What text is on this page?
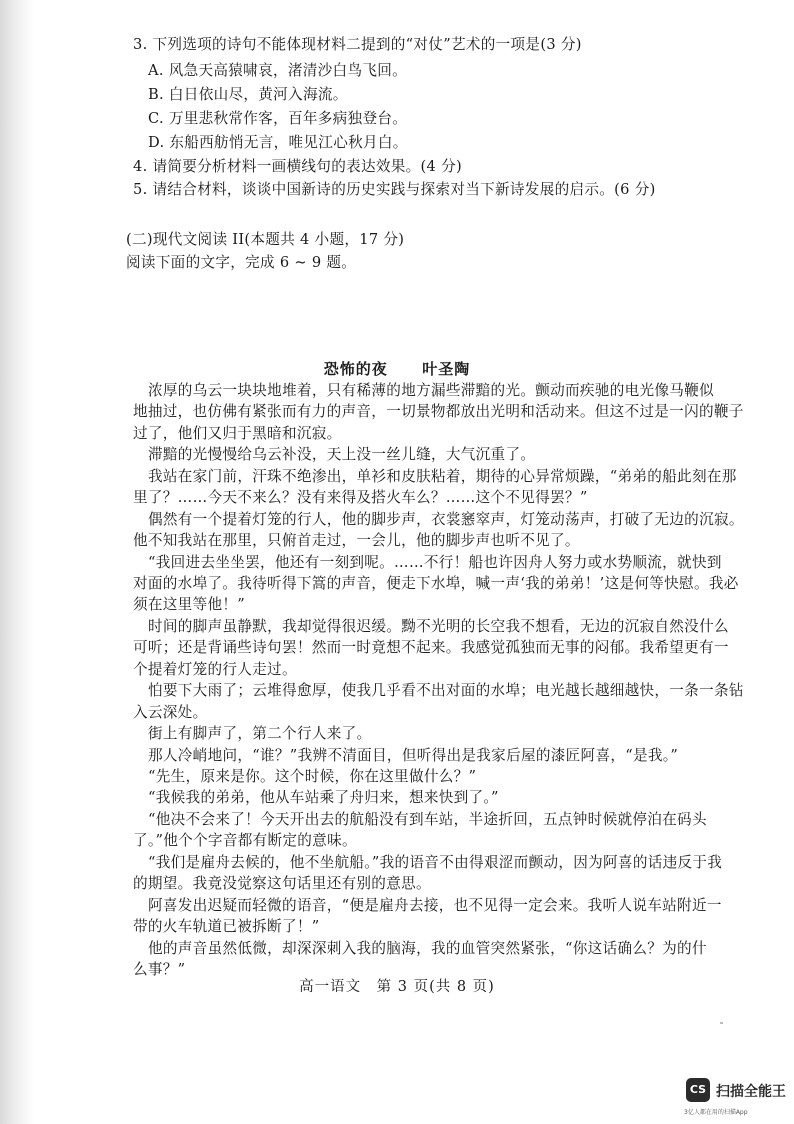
3. 下列选项的诗句不能体现材料二提到的“对仗”艺术的一项是(3 分)
A. 风急天高猿啸哀，渚清沙白鸟飞回。
B. 白日依山尽，黄河入海流。
C. 万里悲秋常作客，百年多病独登台。
D. 东船西舫悄无言，唯见江心秋月白。
4. 请简要分析材料一画横线句的表达效果。(4 分)
5. 请结合材料，谈谈中国新诗的历史实践与探索对当下新诗发展的启示。(6 分)
(二)现代文阅读 II(本题共 4 小题，17 分)
阅读下面的文字，完成 6 ~ 9 题。
恐怖的夜 叶圣陶
高一语文　第 3 页(共 8 页)
CS 扫描全能王
3亿人都在用的扫描App
浓厚的乌云一块块地堆着，只有稀薄的地方漏些滞黯的光。颤动而疾驰的电光像马鞭似
地抽过，也仿佛有紧张而有力的声音，一切景物都放出光明和活动来。但这不过是一闪的鞭子
过了，他们又归于黑暗和沉寂。
滞黯的光慢慢给乌云补没，天上没一丝儿缝，大气沉重了。
我站在家门前，汗珠不绝渗出，单衫和皮肤粘着，期待的心异常烦躁，“弟弟的船此刻在那
里了？……今天不来么？没有来得及搭火车么？……这个不见得罢？”
偶然有一个提着灯笼的行人，他的脚步声，衣裳窸窣声，灯笼动荡声，打破了无边的沉寂。
他不知我站在那里，只俯首走过，一会儿，他的脚步声也听不见了。
“我回进去坐坐罢，他还有一刻到呢。……不行！船也许因舟人努力或水势顺流，就快到
对面的水埠了。我待听得下篙的声音，便走下水埠，喊一声‘我的弟弟！’这是何等快慰。我必
须在这里等他！”
时间的脚声虽静默，我却觉得很迟缓。黝不光明的长空我不想看，无边的沉寂自然没什么
可听；还是背诵些诗句罢！然而一时竟想不起来。我感觉孤独而无事的闷郁。我希望更有一
个提着灯笼的行人走过。
怕要下大雨了；云堆得愈厚，使我几乎看不出对面的水埠；电光越长越细越快，一条一条钻
入云深处。
街上有脚声了，第二个行人来了。
那人冷峭地问，“谁？”我辨不清面目，但听得出是我家后屋的漆匠阿喜，“是我。”
“先生，原来是你。这个时候，你在这里做什么？”
“我候我的弟弟，他从车站乘了舟归来，想来快到了。”
“他决不会来了！今天开出去的航船没有到车站，半途折回，五点钟时候就停泊在码头
了。”他个个字音都有断定的意味。
“我们是雇舟去候的，他不坐航船。”我的语音不由得艰涩而颤动，因为阿喜的话违反于我
的期望。我竟没觉察这句话里还有别的意思。
阿喜发出迟疑而轻微的语音，“便是雇舟去接，也不见得一定会来。我听人说车站附近一
带的火车轨道已被拆断了！”
他的声音虽然低微，却深深刺入我的脑海，我的血管突然紧张，“你这话确么？为的什
么事？”
